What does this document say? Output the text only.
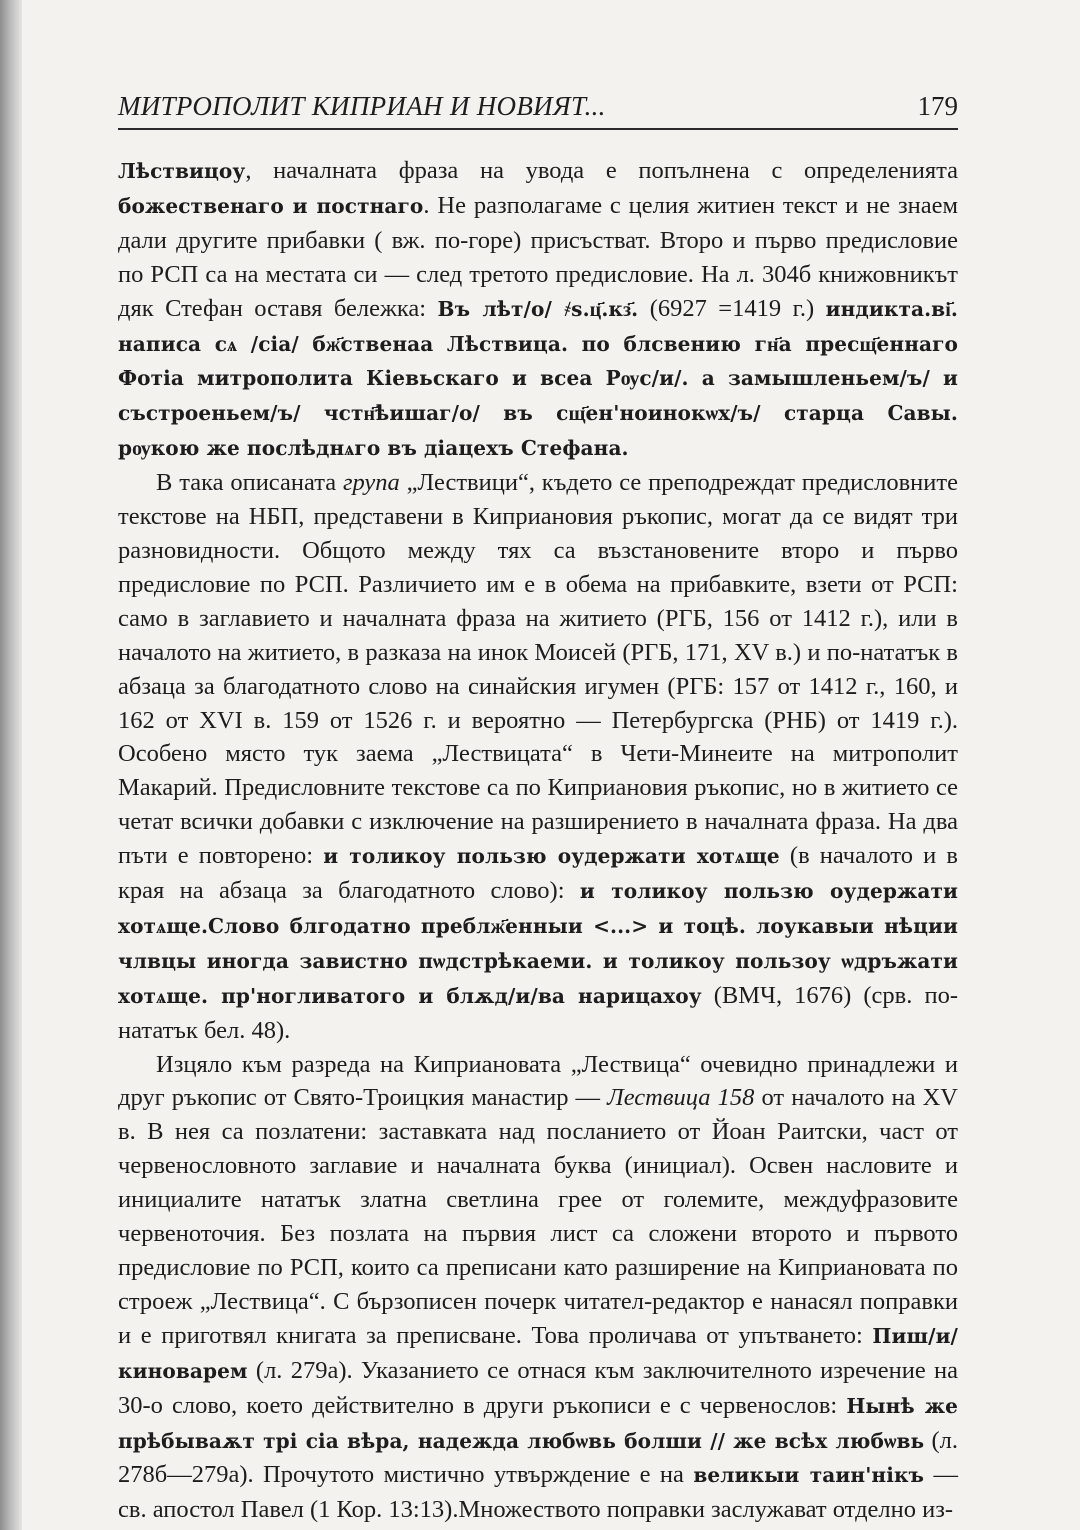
МИТРОПОЛИТ КИПРИАН И НОВИЯТ...	179

Лѣствицоу, началната фраза на увода е попълнена с определенията божественаго и постнаго. Не разполагаме с целия житиен текст и не знаем дали другите прибавки ( вж. по-горе) присъстват. Второ и първо предисловие по РСП са на местата си — след третото предисловие. На л. 304б книжовникът дяк Стефан оставя бележка: Въ лѣт/о/ ҂ѕ.ц҃.кз҃. (6927 =1419 г.) индикта.ві҃. написа сѧ /сіа/ бж҃ственаа Лѣствица. по блсвению гн҃а пресщ҃еннаго Фотіа митрополита Кіевьскаго и всеа Рѹс/и/. а замышленьем/ъ/ и състроеньем/ъ/ чстн҃ѣишаг/о/ въ сщ҃ен'ноинокѡх/ъ/ старца Савы. рѹкою же послѣднѧго въ діацехъ Стефана.

В така описаната група „Лествици“, където се преподреждат предисловните текстове на НБП, представени в Киприановия ръкопис, могат да се видят три разновидности. Общото между тях са възстановените второ и първо предисловие по РСП. Различието им е в обема на прибавките, взети от РСП: само в заглавието и началната фраза на житието (РГБ, 156 от 1412 г.), или в началото на житието, в разказа на инок Моисей (РГБ, 171, XV в.) и по-нататък в абзаца за благодатното слово на синайския игумен (РГБ: 157 от 1412 г., 160, и 162 от XVI в. 159 от 1526 г. и вероятно — Петербургска (РНБ) от 1419 г.). Особено място тук заема „Лествицата“ в Чети-Минеите на митрополит Макарий. Предисловните текстове са по Киприановия ръкопис, но в житието се четат всички добавки с изключение на разширението в началната фраза. На два пъти е повторено: и толикоу пользю оудержати хотѧще (в началото и в края на абзаца за благодатното слово): и толикоу пользю оудержати хотѧще.Слово блгодатно преблж҃енныи <...> и тоцѣ. лоукавыи нѣции члвцы иногда завистно пѡдстрѣкаеми. и толикоу пользоу ѡдръжати хотѧще. пр'ногливатого и блѫд/и/ва нарицахоу (ВМЧ, 1676) (срв. по-нататък бел. 48).

Изцяло към разреда на Киприановата „Лествица“ очевидно принадлежи и друг ръкопис от Свято-Троицкия манастир — Лествица 158 от началото на XV в. В нея са позлатени: заставката над посланието от Йоан Раитски, част от червенословното заглавие и началната буква (инициал). Освен насловите и инициалите нататък златна светлина грее от големите, междуфразовите червеноточия. Без позлата на първия лист са сложени второто и първото предисловие по РСП, които са преписани като разширение на Киприановата по строеж „Лествица“. С бързописен почерк читател-редактор е нанасял поправки и е приготвял книгата за преписване. Това проличава от упътването: Пиш/и/ киноварем (л. 279а). Указанието се отнася към заключителното изречение на 30-о слово, което действително в други ръкописи е с червенослов: Нынѣ же прѣбываѫт трі сіа вѣра, надежда любѡвь болши // же всѣх любѡвь (л. 278б—279а). Прочутото мистично утвърждение е на великыи таин'нікъ — св. апостол Павел (1 Кор. 13:13).Множеството поправки заслужават отделно из-
